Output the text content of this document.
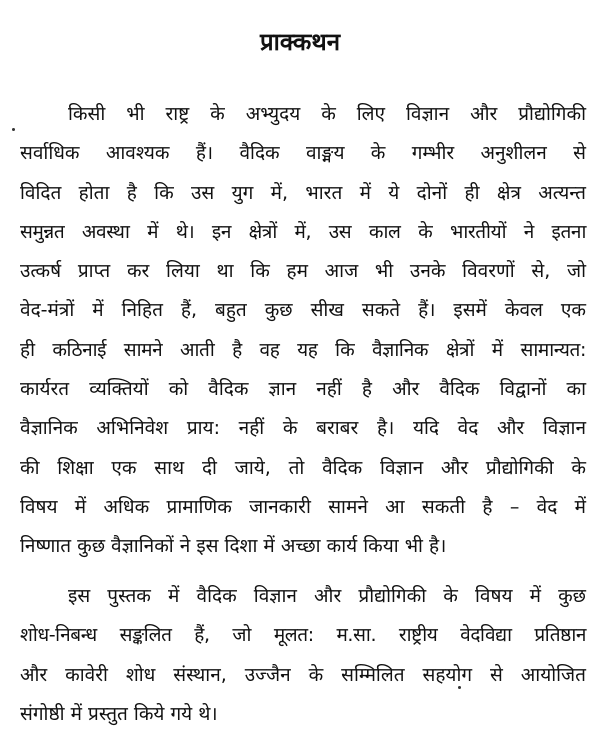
प्राक्कथन
किसी भी राष्ट्र के अभ्युदय के लिए विज्ञान और प्रौद्योगिकी
सर्वाधिक आवश्यक हैं। वैदिक वाङ्मय के गम्भीर अनुशीलन से
विदित होता है कि उस युग में, भारत में ये दोनों ही क्षेत्र अत्यन्त
समुन्नत अवस्था में थे। इन क्षेत्रों में, उस काल के भारतीयों ने इतना
उत्कर्ष प्राप्त कर लिया था कि हम आज भी उनके विवरणों से, जो
वेद-मंत्रों में निहित हैं, बहुत कुछ सीख सकते हैं। इसमें केवल एक
ही कठिनाई सामने आती है वह यह कि वैज्ञानिक क्षेत्रों में सामान्यत:
कार्यरत व्यक्तियों को वैदिक ज्ञान नहीं है और वैदिक विद्वानों का
वैज्ञानिक अभिनिवेश प्राय: नहीं के बराबर है। यदि वेद और विज्ञान
की शिक्षा एक साथ दी जाये, तो वैदिक विज्ञान और प्रौद्योगिकी के
विषय में अधिक प्रामाणिक जानकारी सामने आ सकती है – वेद में
निष्णात कुछ वैज्ञानिकों ने इस दिशा में अच्छा कार्य किया भी है।
इस पुस्तक में वैदिक विज्ञान और प्रौद्योगिकी के विषय में कुछ
शोध-निबन्ध सङ्कलित हैं, जो मूलत: म.सा. राष्ट्रीय वेदविद्या प्रतिष्ठान
और कावेरी शोध संस्थान, उज्जैन के सम्मिलित सहयोग से आयोजित
संगोष्ठी में प्रस्तुत किये गये थे।
